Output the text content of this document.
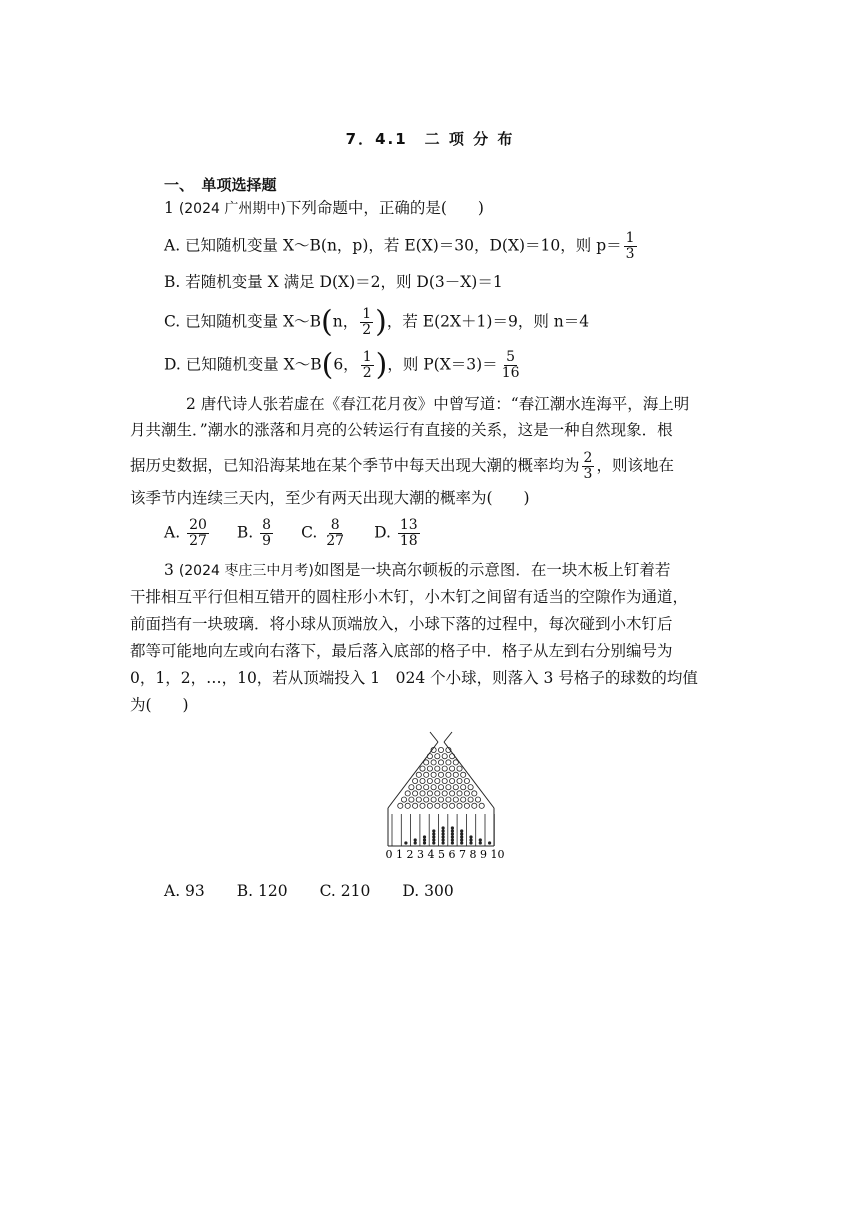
7．4.1　二 项 分 布
一、　单项选择题
1 (2024 广州期中)下列命题中，正确的是(　　)
A. 已知随机变量 X～B(n，p)，若 E(X)＝30，D(X)＝10，则 $p= \frac{1}{3}$
B. 若随机变量 X 满足 D(X)＝2，则 D(3－X)＝1
C. 已知随机变量 X～B(n， $\frac{1}{2}$ )，若 E(2X＋1)＝9，则 n＝4
D. 已知随机变量 X～B(6， $\frac{1}{2}$ )，则 $P(X=3)= \frac{5}{16}$
2 唐代诗人张若虚在《春江花月夜》中曾写道：“春江潮水连海平，海上明
月共潮生．”潮水的涨落和月亮的公转运行有直接的关系，这是一种自然现象．根
据历史数据，已知沿海某地在某个季节中每天出现大潮的概率均为 $\frac{2}{3}$ ，则该地在
该季节内连续三天内，至少有两天出现大潮的概率为(　　)
A. $\frac{20}{27} B$. $\frac{8}{9} C$. $\frac{8}{27} D$. $\frac{13}{18}$
3 (2024 枣庄三中月考)如图是一块高尔顿板的示意图．在一块木板上钉着若
干排相互平行但相互错开的圆柱形小木钉，小木钉之间留有适当的空隙作为通道，
前面挡有一块玻璃．将小球从顶端放入，小球下落的过程中，每次碰到小木钉后
都等可能地向左或向右落下，最后落入底部的格子中．格子从左到右分别编号为
0，1，2，…，10，若从顶端投入 1　024 个小球，则落入 3 号格子的球数的均值
为(　　)
0 1 2 3 4 5 6 7 8 9 10
A. 93 B. 120 C. 210 D. 300
